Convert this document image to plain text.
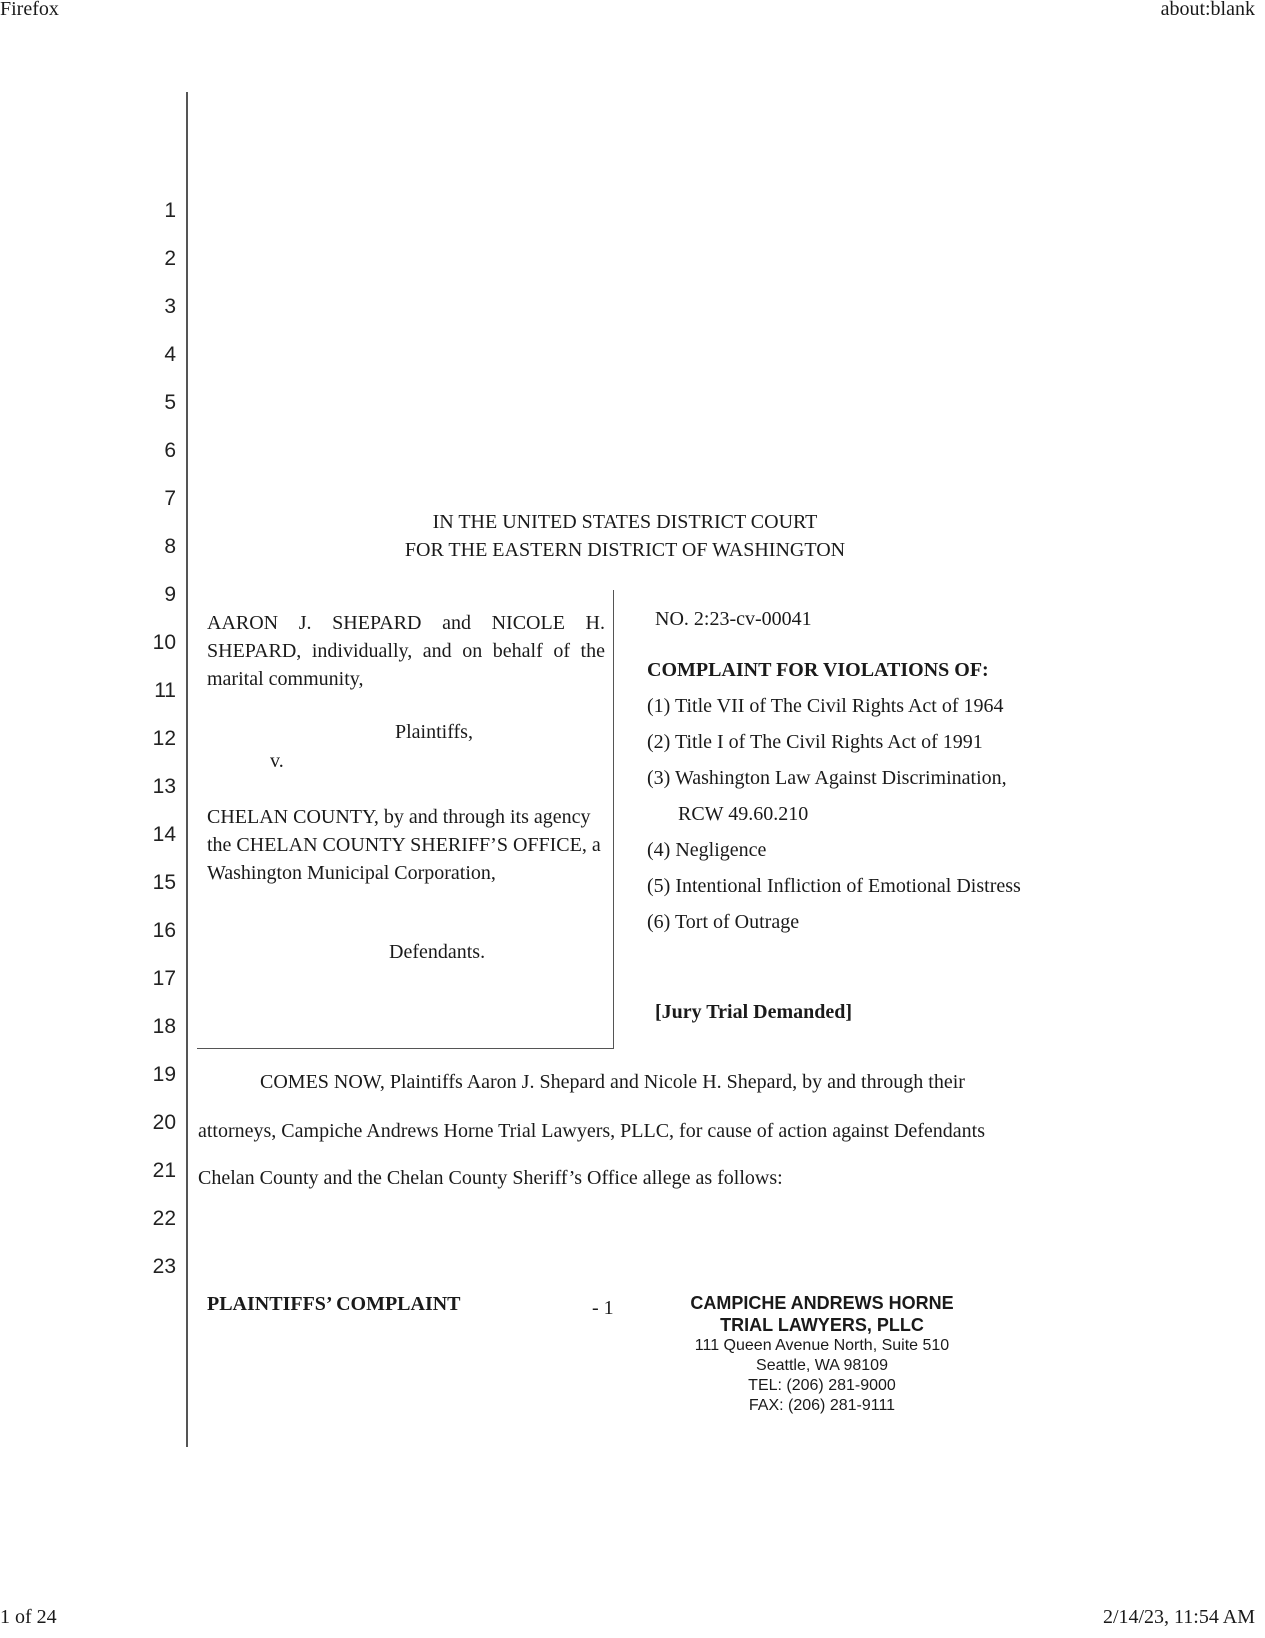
Firefox	about:blank
1 of 24	2/14/23, 11:54 AM
1
2
3
4
5
6
7
8
9
10
11
12
13
14
15
16
17
18
19
20
21
22
23
IN THE UNITED STATES DISTRICT COURT
FOR THE EASTERN DISTRICT OF WASHINGTON
AARON J. SHEPARD and NICOLE H. SHEPARD, individually, and on behalf of the marital community,
Plaintiffs,
v.
CHELAN COUNTY, by and through its agency the CHELAN COUNTY SHERIFF’S OFFICE, a Washington Municipal Corporation,
Defendants.
NO. 2:23-cv-00041
COMPLAINT FOR VIOLATIONS OF:
(1) Title VII of The Civil Rights Act of 1964
(2) Title I of The Civil Rights Act of 1991
(3) Washington Law Against Discrimination,
RCW 49.60.210
(4) Negligence
(5) Intentional Infliction of Emotional Distress
(6) Tort of Outrage
[Jury Trial Demanded]
COMES NOW, Plaintiffs Aaron J. Shepard and Nicole H. Shepard, by and through their
attorneys, Campiche Andrews Horne Trial Lawyers, PLLC, for cause of action against Defendants
Chelan County and the Chelan County Sheriff’s Office allege as follows:
PLAINTIFFS’ COMPLAINT	- 1	CAMPICHE ANDREWS HORNE
TRIAL LAWYERS, PLLC
111 Queen Avenue North, Suite 510
Seattle, WA 98109
TEL: (206) 281-9000
FAX: (206) 281-9111
